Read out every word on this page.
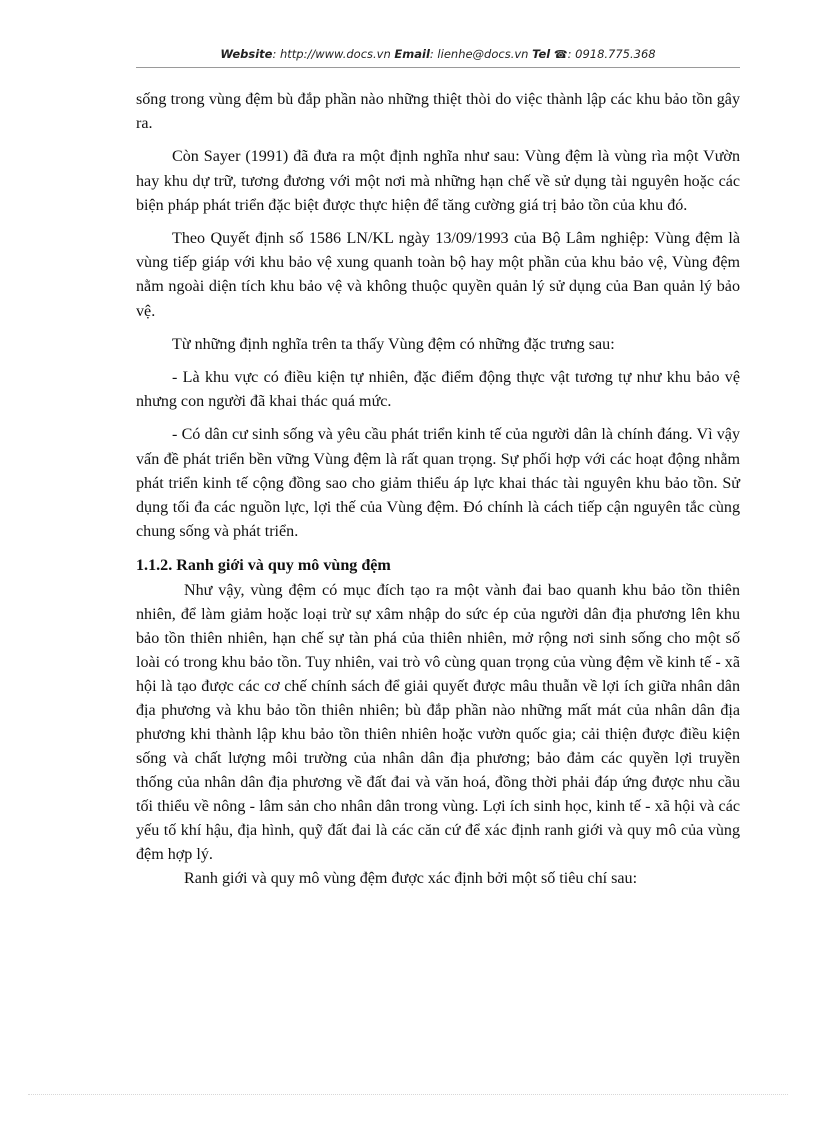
Website: http://www.docs.vn Email: lienhe@docs.vn Tel ☎: 0918.775.368

sống trong vùng đệm bù đắp phần nào những thiệt thòi do việc thành lập các khu bảo tồn gây ra.

Còn Sayer (1991) đã đưa ra một định nghĩa như sau: Vùng đệm là vùng rìa một Vườn hay khu dự trữ, tương đương với một nơi mà những hạn chế về sử dụng tài nguyên hoặc các biện pháp phát triển đặc biệt được thực hiện để tăng cường giá trị bảo tồn của khu đó.

Theo Quyết định số 1586 LN/KL ngày 13/09/1993 của Bộ Lâm nghiệp: Vùng đệm là vùng tiếp giáp với khu bảo vệ xung quanh toàn bộ hay một phần của khu bảo vệ, Vùng đệm nằm ngoài diện tích khu bảo vệ và không thuộc quyền quản lý sử dụng của Ban quản lý bảo vệ.

Từ những định nghĩa trên ta thấy Vùng đệm có những đặc trưng sau:

- Là khu vực có điều kiện tự nhiên, đặc điểm động thực vật tương tự như khu bảo vệ nhưng con người đã khai thác quá mức.

- Có dân cư sinh sống và yêu cầu phát triển kinh tế của người dân là chính đáng. Vì vậy vấn đề phát triển bền vững Vùng đệm là rất quan trọng. Sự phối hợp với các hoạt động nhằm phát triển kinh tế cộng đồng sao cho giảm thiểu áp lực khai thác tài nguyên khu bảo tồn. Sử dụng tối đa các nguồn lực, lợi thế của Vùng đệm. Đó chính là cách tiếp cận nguyên tắc cùng chung sống và phát triển.

1.1.2. Ranh giới và quy mô vùng đệm

Như vậy, vùng đệm có mục đích tạo ra một vành đai bao quanh khu bảo tồn thiên nhiên, để làm giảm hoặc loại trừ sự xâm nhập do sức ép của người dân địa phương lên khu bảo tồn thiên nhiên, hạn chế sự tàn phá của thiên nhiên, mở rộng nơi sinh sống cho một số loài có trong khu bảo tồn. Tuy nhiên, vai trò vô cùng quan trọng của vùng đệm về kinh tế - xã hội là tạo được các cơ chế chính sách để giải quyết được mâu thuẫn về lợi ích giữa nhân dân địa phương và khu bảo tồn thiên nhiên; bù đắp phần nào những mất mát của nhân dân địa phương khi thành lập khu bảo tồn thiên nhiên hoặc vườn quốc gia; cải thiện được điều kiện sống và chất lượng môi trường của nhân dân địa phương; bảo đảm các quyền lợi truyền thống của nhân dân địa phương về đất đai và văn hoá, đồng thời phải đáp ứng được nhu cầu tối thiểu về nông - lâm sản cho nhân dân trong vùng. Lợi ích sinh học, kinh tế - xã hội và các yếu tố khí hậu, địa hình, quỹ đất đai là các căn cứ để xác định ranh giới và quy mô của vùng đệm hợp lý.

Ranh giới và quy mô vùng đệm được xác định bởi một số tiêu chí sau:
